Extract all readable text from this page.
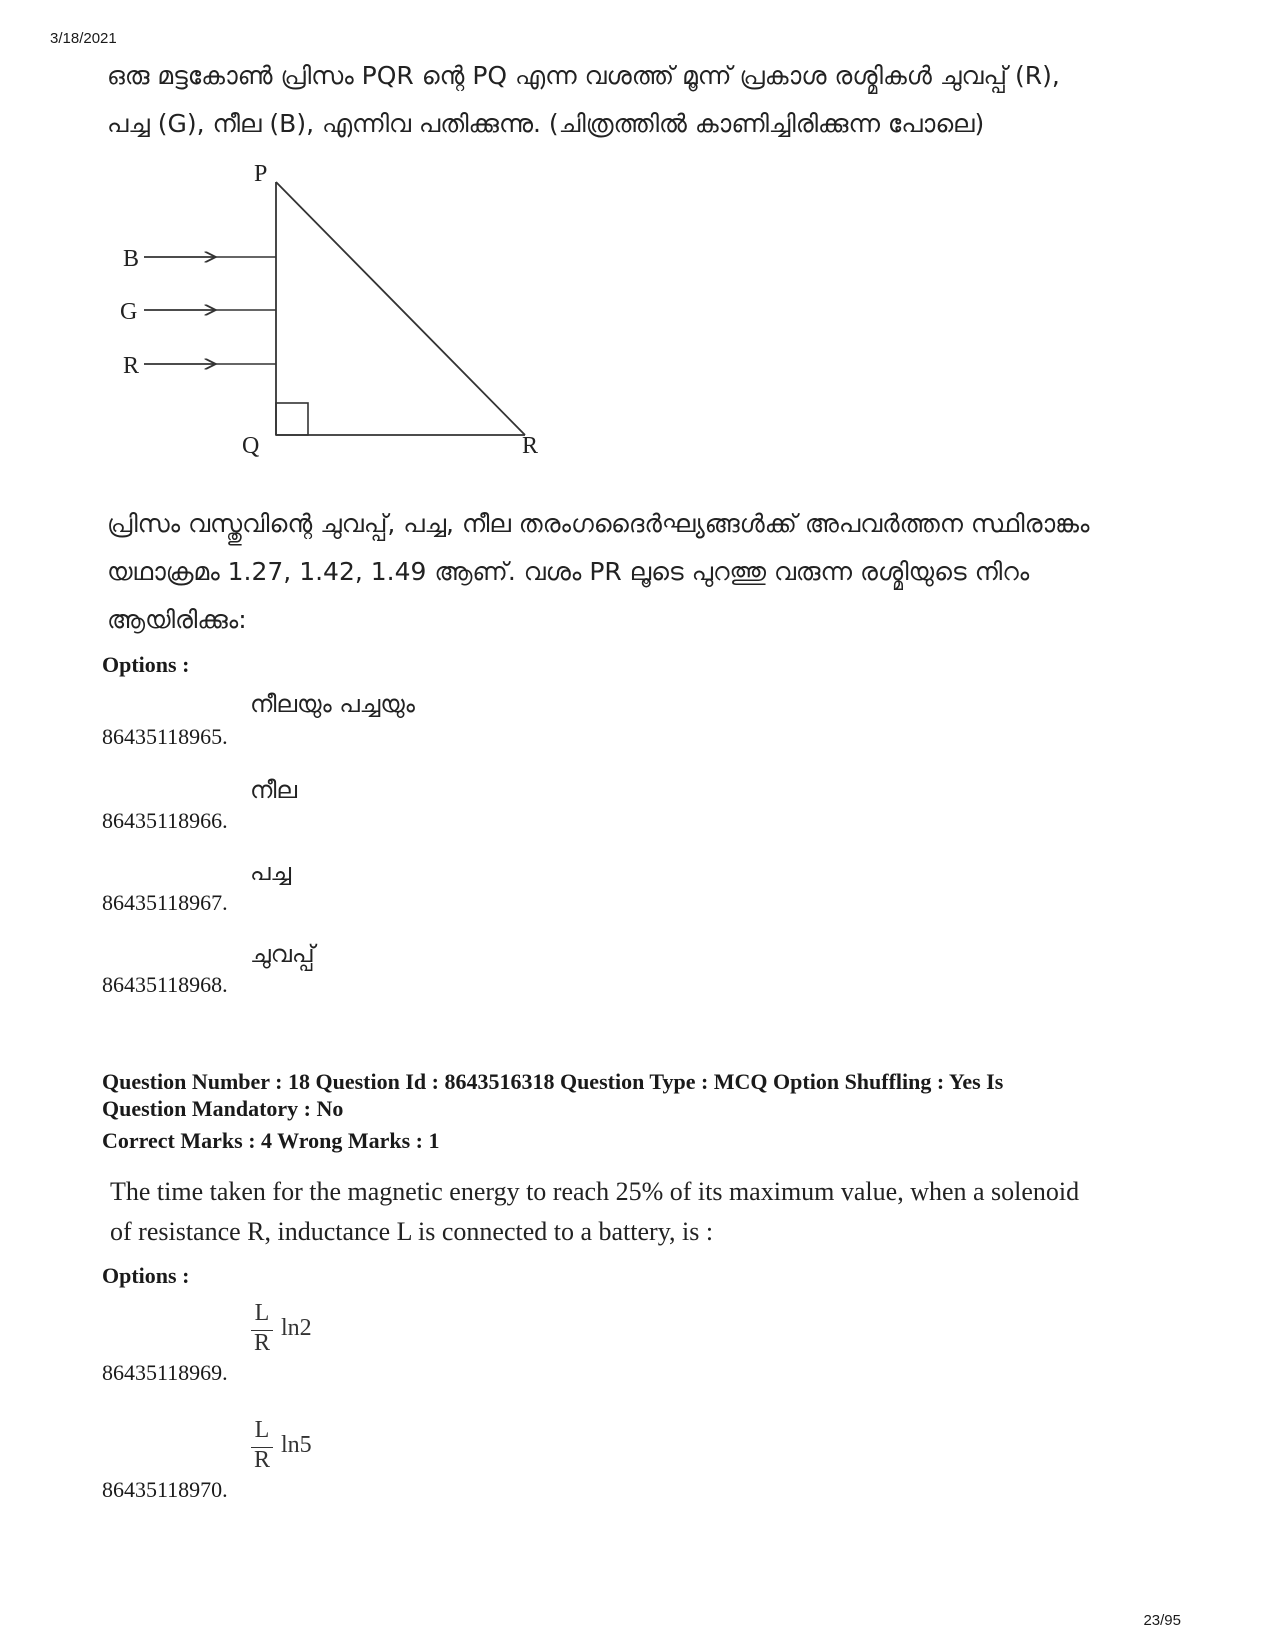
3/18/2021

ഒരു മട്ടകോൺ പ്രിസം PQR ന്റെ PQ എന്ന വശത്ത് മൂന്ന് പ്രകാശ രശ്മികൾ ചുവപ്പ് (R),

പച്ച (G), നീല (B), എന്നിവ പതിക്കുന്നു. (ചിത്രത്തിൽ കാണിച്ചിരിക്കുന്ന പോലെ)

P
Q	R
B
G
R

പ്രിസം വസ്തുവിന്റെ ചുവപ്പ്, പച്ച, നീല തരംഗദൈർഘ്യങ്ങൾക്ക് അപവർത്തന സ്ഥിരാങ്കം

യഥാക്രമം 1.27, 1.42, 1.49 ആണ്. വശം PR ലൂടെ പുറത്തു വരുന്ന രശ്മിയുടെ നിറം

ആയിരിക്കും:

Options :
86435118965.
നീലയും പച്ചയും
86435118966.
നീല
86435118967.
പച്ച
86435118968.
ചുവപ്പ്
Question Number : 18 Question Id : 8643516318 Question Type : MCQ Option Shuffling : Yes Is
Question Mandatory : No
Correct Marks : 4 Wrong Marks : 1
The time taken for the magnetic energy to reach 25% of its maximum value, when a solenoid
of resistance R, inductance L is connected to a battery, is :
Options :
86435118969.
L
R
ln2
86435118970.
L
R
ln5
23/95
